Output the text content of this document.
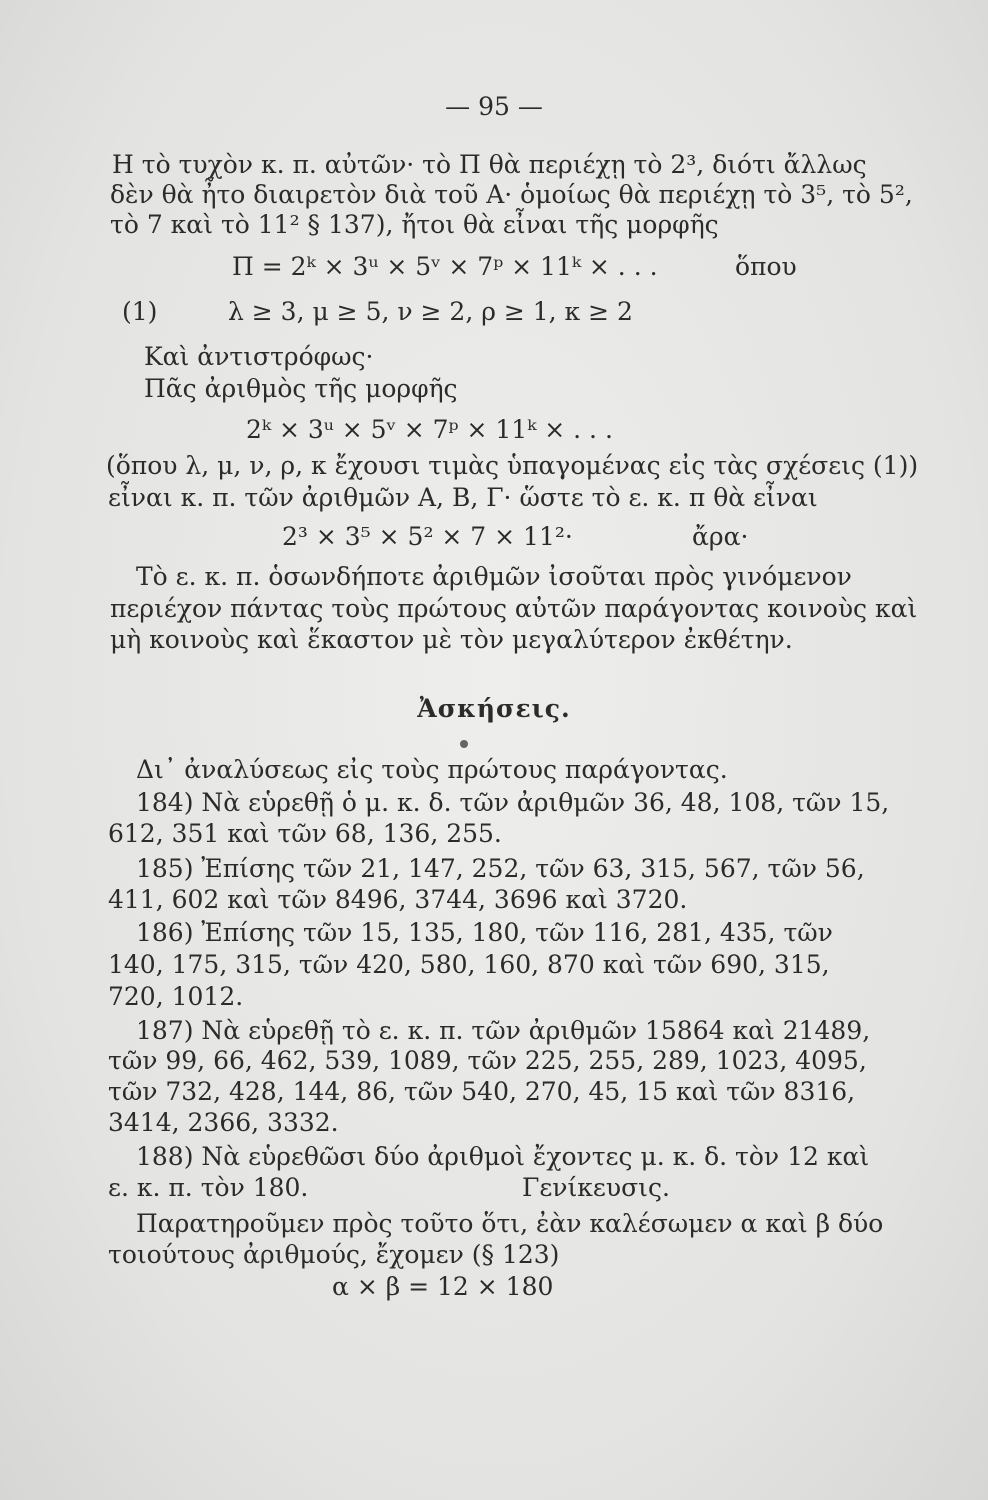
— 95 —
Η τὸ τυχὸν κ. π. αὐτῶν· τὸ Π θὰ περιέχῃ τὸ 2³, διότι ἄλλως
δὲν θὰ ἦτο διαιρετὸν διὰ τοῦ Α· ὁμοίως θὰ περιέχῃ τὸ 3⁵, τὸ 5²,
τὸ 7 καὶ τὸ 11² § 137), ἤτοι θὰ εἶναι τῆς μορφῆς
Π = 2ᵏ × 3ᵘ × 5ᵛ × 7ᵖ × 11ᵏ × . . .	ὅπου
(1)	λ ≥ 3, μ ≥ 5, ν ≥ 2, ρ ≥ 1, κ ≥ 2
Καὶ ἀντιστρόφως·
Πᾶς ἀριθμὸς τῆς μορφῆς
2ᵏ × 3ᵘ × 5ᵛ × 7ᵖ × 11ᵏ × . . .
(ὅπου λ, μ, ν, ρ, κ ἔχουσι τιμὰς ὑπαγομένας εἰς τὰς σχέσεις (1))
εἶναι κ. π. τῶν ἀριθμῶν Α, Β, Γ· ὥστε τὸ ε. κ. π θὰ εἶναι
2³ × 3⁵ × 5² × 7 × 11²·	ἄρα·
Τὸ ε. κ. π. ὁσωνδήποτε ἀριθμῶν ἰσοῦται πρὸς γινόμενον
περιέχον πάντας τοὺς πρώτους αὐτῶν παράγοντας κοινοὺς καὶ
μὴ κοινοὺς καὶ ἕκαστον μὲ τὸν μεγαλύτερον ἐκθέτην.
Ἀσκήσεις.
Δι᾽ ἀναλύσεως εἰς τοὺς πρώτους παράγοντας.
184) Νὰ εὑρεθῇ ὁ μ. κ. δ. τῶν ἀριθμῶν 36, 48, 108, τῶν 15,
612, 351 καὶ τῶν 68, 136, 255.
185) Ἐπίσης τῶν 21, 147, 252, τῶν 63, 315, 567, τῶν 56,
411, 602 καὶ τῶν 8496, 3744, 3696 καὶ 3720.
186) Ἐπίσης τῶν 15, 135, 180, τῶν 116, 281, 435, τῶν
140, 175, 315, τῶν 420, 580, 160, 870 καὶ τῶν 690, 315,
720, 1012.
187) Νὰ εὑρεθῇ τὸ ε. κ. π. τῶν ἀριθμῶν 15864 καὶ 21489,
τῶν 99, 66, 462, 539, 1089, τῶν 225, 255, 289, 1023, 4095,
τῶν 732, 428, 144, 86, τῶν 540, 270, 45, 15 καὶ τῶν 8316,
3414, 2366, 3332.
188) Νὰ εὑρεθῶσι δύο ἀριθμοὶ ἔχοντες μ. κ. δ. τὸν 12 καὶ
ε. κ. π. τὸν 180.	Γενίκευσις.
Παρατηροῦμεν πρὸς τοῦτο ὅτι, ἐὰν καλέσωμεν α καὶ β δύο
τοιούτους ἀριθμούς, ἔχομεν (§ 123)
α × β = 12 × 180
